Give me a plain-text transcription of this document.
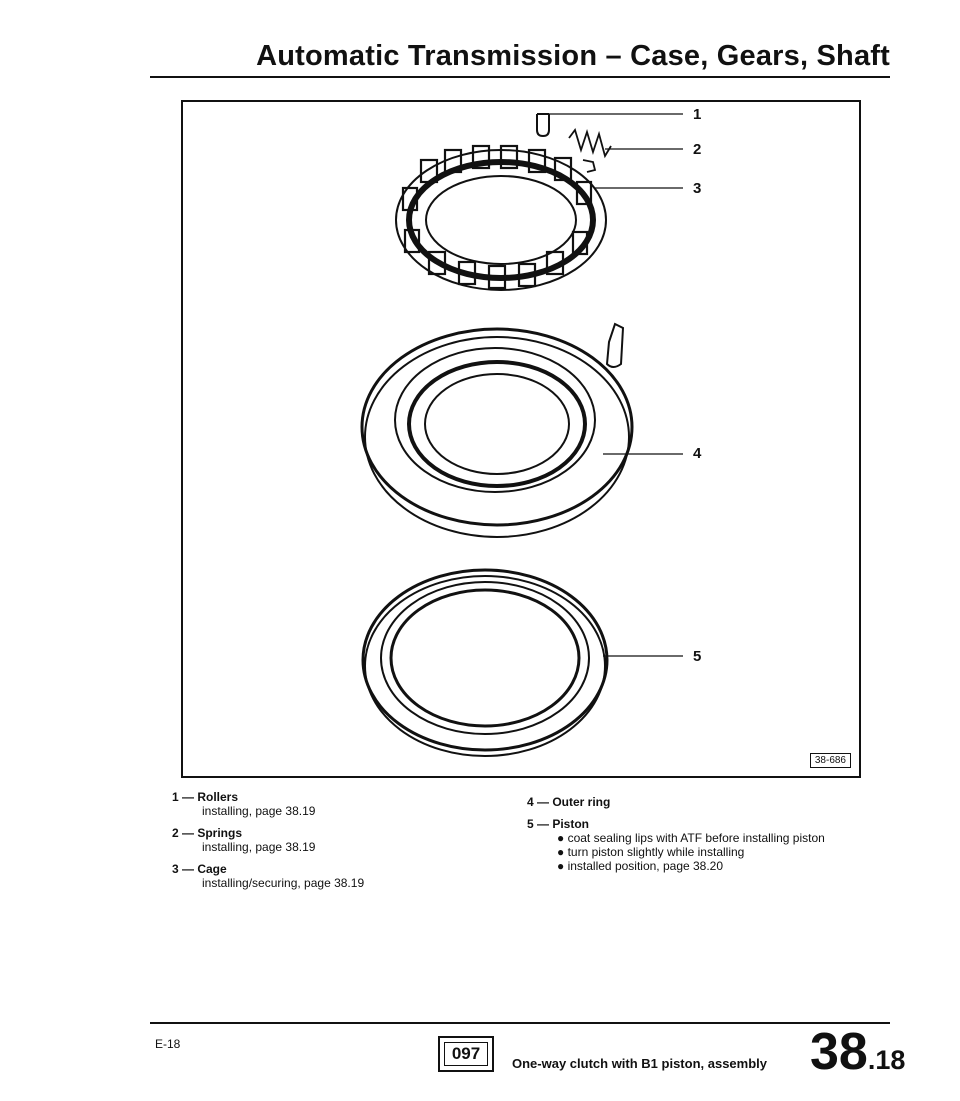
Automatic Transmission – Case, Gears, Shaft
1
2
3
4
5
38-686
1 — Rollers
installing, page 38.19
2 — Springs
installing, page 38.19
3 — Cage
installing/securing, page 38.19
4 — Outer ring
5 — Piston
● coat sealing lips with ATF before installing piston
● turn piston slightly while installing
● installed position, page 38.20
E-18	097
One-way clutch with B1 piston, assembly 38.18
